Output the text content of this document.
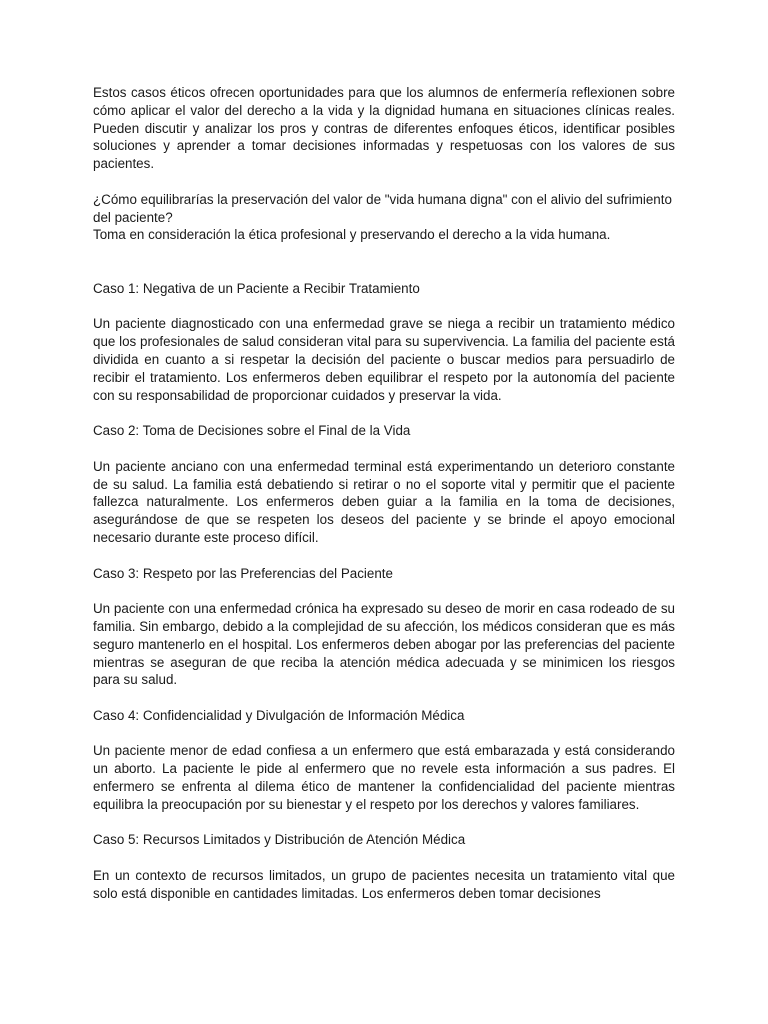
Estos casos éticos ofrecen oportunidades para que los alumnos de enfermería reflexionen sobre cómo aplicar el valor del derecho a la vida y la dignidad humana en situaciones clínicas reales. Pueden discutir y analizar los pros y contras de diferentes enfoques éticos, identificar posibles soluciones y aprender a tomar decisiones informadas y respetuosas con los valores de sus pacientes.

¿Cómo equilibrarías la preservación del valor de "vida humana digna" con el alivio del sufrimiento del paciente?

Toma en consideración la ética profesional y preservando el derecho a la vida humana.

Caso 1: Negativa de un Paciente a Recibir Tratamiento

Un paciente diagnosticado con una enfermedad grave se niega a recibir un tratamiento médico que los profesionales de salud consideran vital para su supervivencia. La familia del paciente está dividida en cuanto a si respetar la decisión del paciente o buscar medios para persuadirlo de recibir el tratamiento. Los enfermeros deben equilibrar el respeto por la autonomía del paciente con su responsabilidad de proporcionar cuidados y preservar la vida.

Caso 2: Toma de Decisiones sobre el Final de la Vida

Un paciente anciano con una enfermedad terminal está experimentando un deterioro constante de su salud. La familia está debatiendo si retirar o no el soporte vital y permitir que el paciente fallezca naturalmente. Los enfermeros deben guiar a la familia en la toma de decisiones, asegurándose de que se respeten los deseos del paciente y se brinde el apoyo emocional necesario durante este proceso difícil.

Caso 3: Respeto por las Preferencias del Paciente

Un paciente con una enfermedad crónica ha expresado su deseo de morir en casa rodeado de su familia. Sin embargo, debido a la complejidad de su afección, los médicos consideran que es más seguro mantenerlo en el hospital. Los enfermeros deben abogar por las preferencias del paciente mientras se aseguran de que reciba la atención médica adecuada y se minimicen los riesgos para su salud.

Caso 4: Confidencialidad y Divulgación de Información Médica

Un paciente menor de edad confiesa a un enfermero que está embarazada y está considerando un aborto. La paciente le pide al enfermero que no revele esta información a sus padres. El enfermero se enfrenta al dilema ético de mantener la confidencialidad del paciente mientras equilibra la preocupación por su bienestar y el respeto por los derechos y valores familiares.

Caso 5: Recursos Limitados y Distribución de Atención Médica

En un contexto de recursos limitados, un grupo de pacientes necesita un tratamiento vital que solo está disponible en cantidades limitadas. Los enfermeros deben tomar decisiones
